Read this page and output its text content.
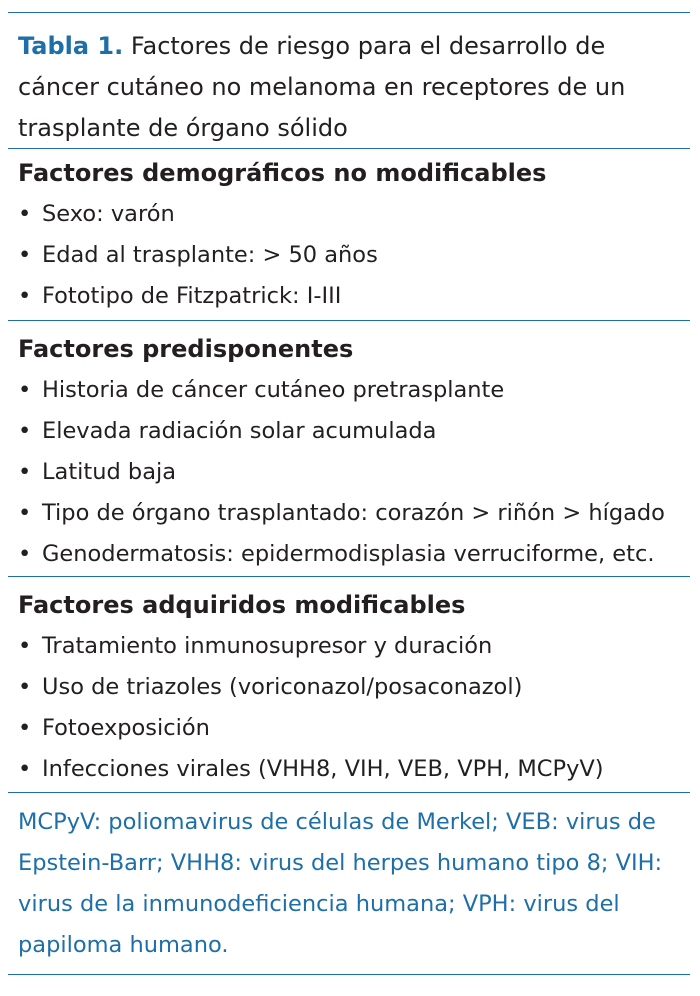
Tabla 1. Factores de riesgo para el desarrollo de cáncer cutáneo no melanoma en receptores de un trasplante de órgano sólido
Factores demográficos no modificables
• Sexo: varón
• Edad al trasplante: > 50 años
• Fototipo de Fitzpatrick: I-III
Factores predisponentes
• Historia de cáncer cutáneo pretrasplante
• Elevada radiación solar acumulada
• Latitud baja
• Tipo de órgano trasplantado: corazón > riñón > hígado
• Genodermatosis: epidermodisplasia verruciforme, etc.
Factores adquiridos modificables
• Tratamiento inmunosupresor y duración
• Uso de triazoles (voriconazol/posaconazol)
• Fotoexposición
• Infecciones virales (VHH8, VIH, VEB, VPH, MCPyV)

MCPyV: poliomavirus de células de Merkel; VEB: virus de Epstein-Barr; VHH8: virus del herpes humano tipo 8; VIH: virus de la inmunodeficiencia humana; VPH: virus del papiloma humano.
